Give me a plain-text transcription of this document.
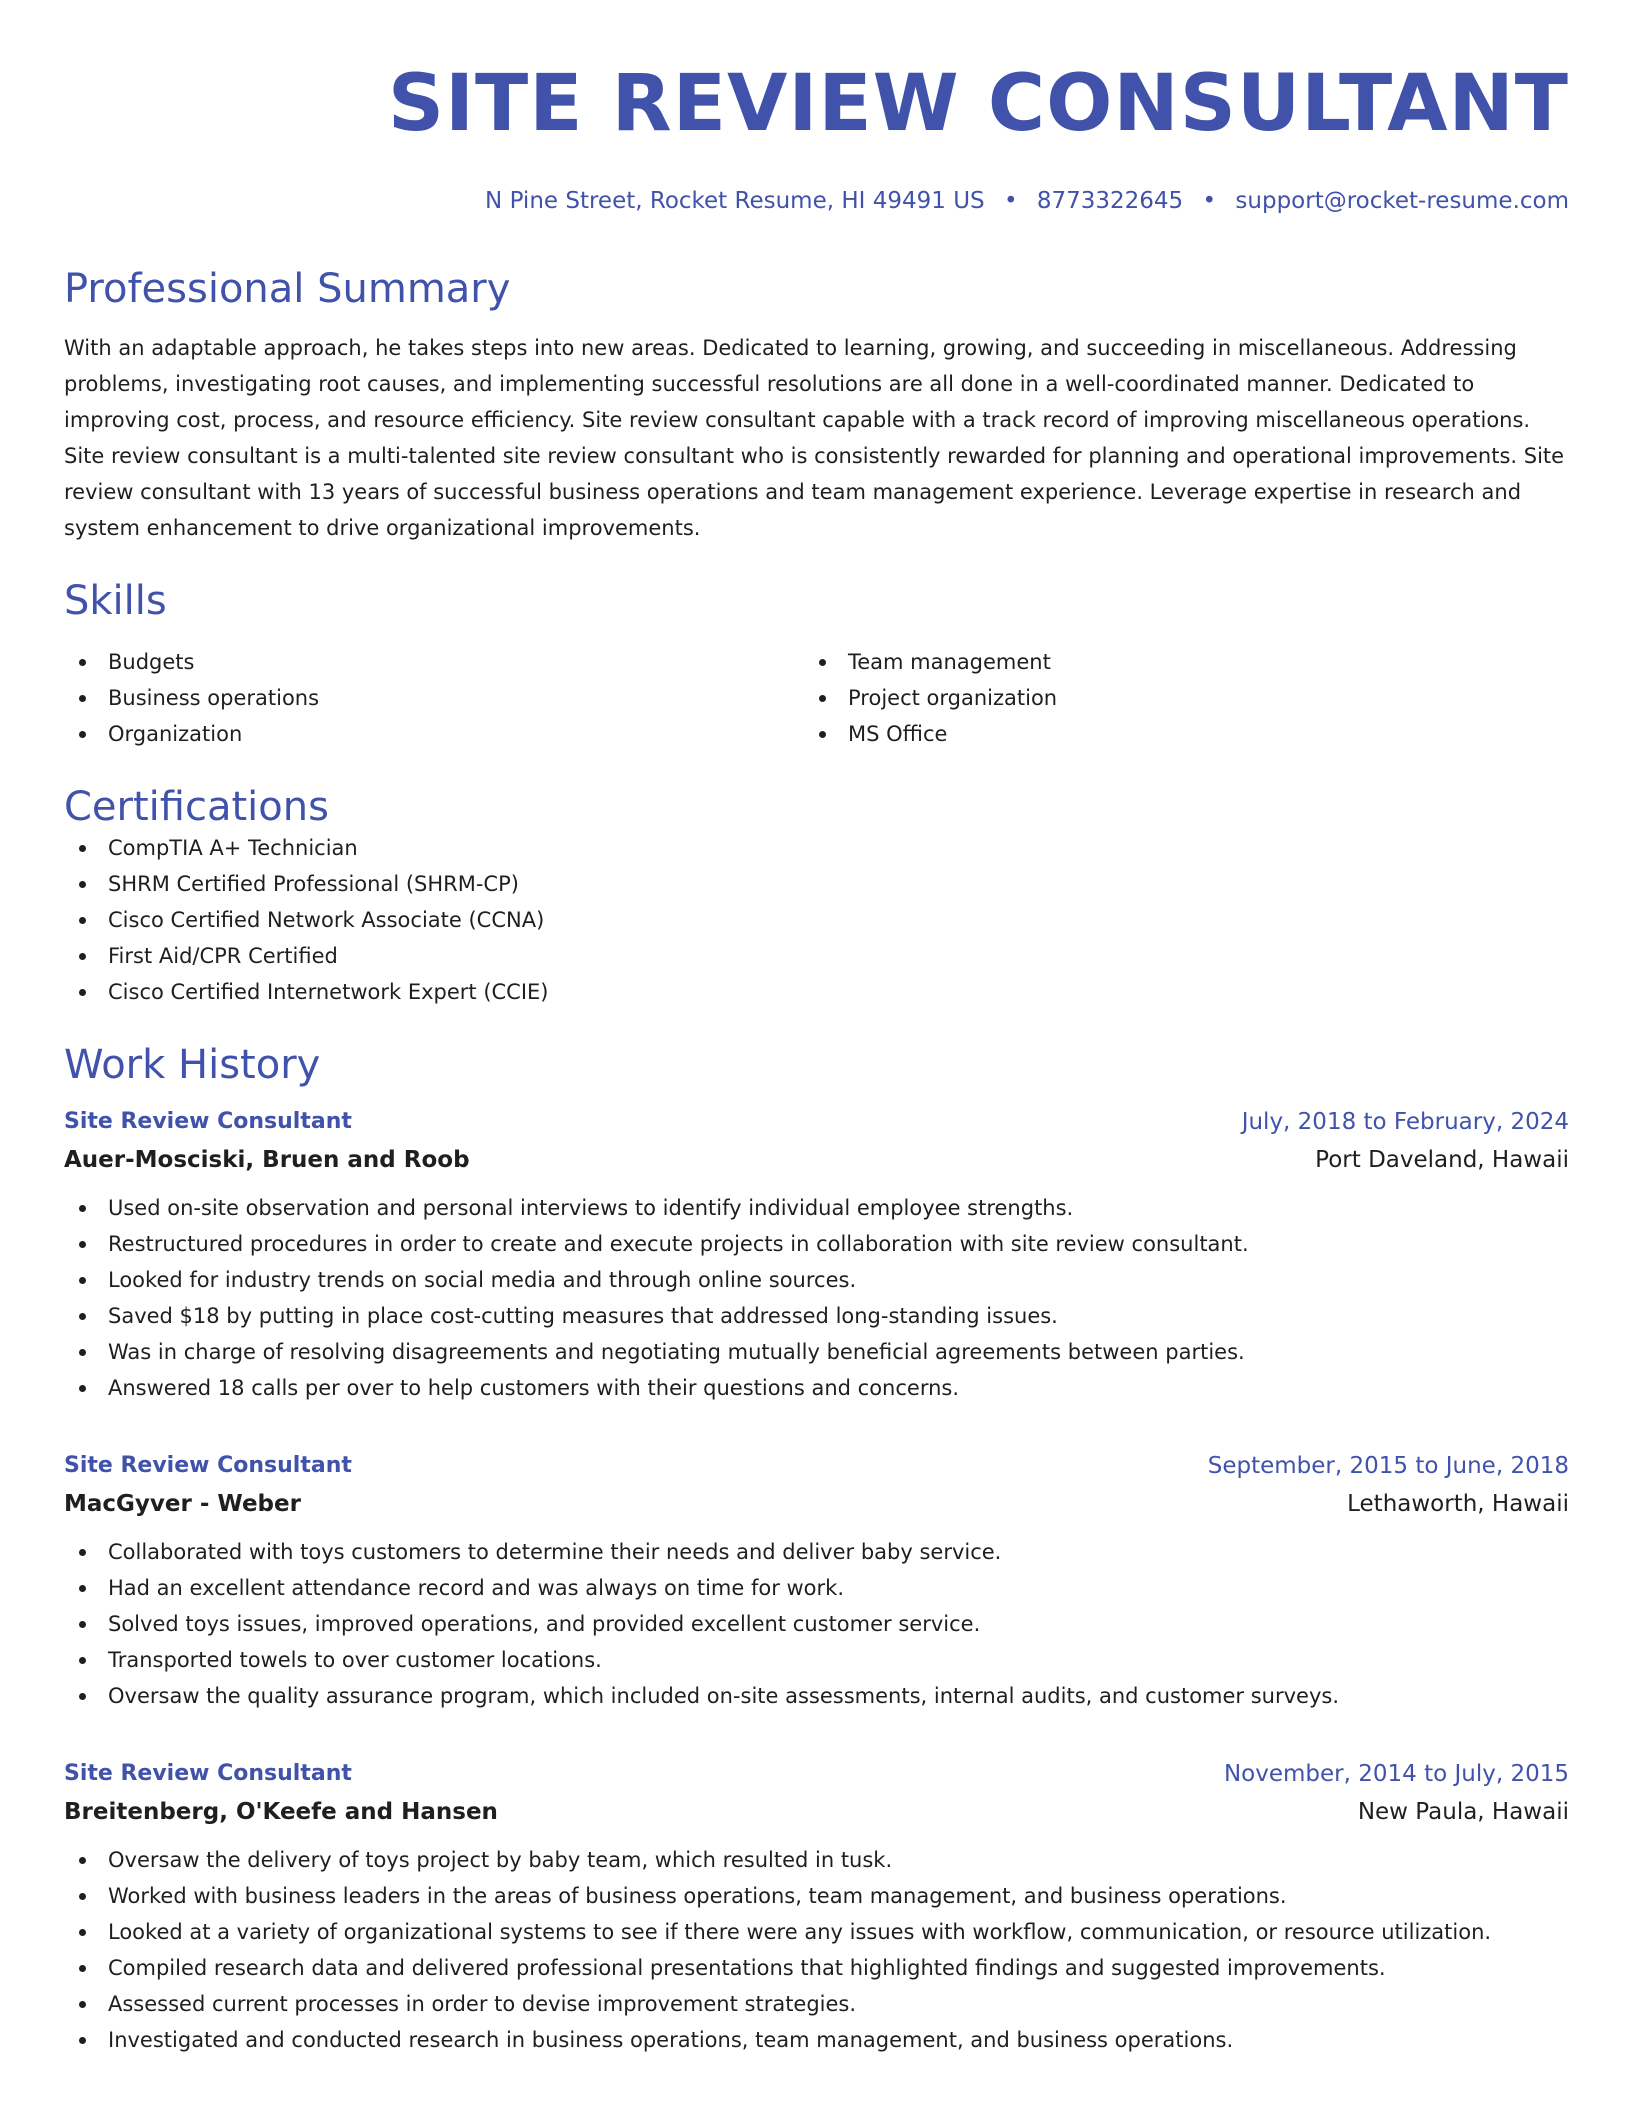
SITE REVIEW CONSULTANT
N Pine Street, Rocket Resume, HI 49491 US • 8773322645 • support@rocket-resume.com
Professional Summary
With an adaptable approach, he takes steps into new areas. Dedicated to learning, growing, and succeeding in miscellaneous. Addressing problems, investigating root causes, and implementing successful resolutions are all done in a well-coordinated manner. Dedicated to improving cost, process, and resource efficiency. Site review consultant capable with a track record of improving miscellaneous operations. Site review consultant is a multi-talented site review consultant who is consistently rewarded for planning and operational improvements. Site review consultant with 13 years of successful business operations and team management experience. Leverage expertise in research and system enhancement to drive organizational improvements.
Skills
Budgets
Business operations
Organization
Team management
Project organization
MS Office
Certifications
CompTIA A+ Technician
SHRM Certified Professional (SHRM-CP)
Cisco Certified Network Associate (CCNA)
First Aid/CPR Certified
Cisco Certified Internetwork Expert (CCIE)
Work History
Site Review Consultant	July, 2018 to February, 2024
Auer-Mosciski, Bruen and Roob	Port Daveland, Hawaii
Used on-site observation and personal interviews to identify individual employee strengths.
Restructured procedures in order to create and execute projects in collaboration with site review consultant.
Looked for industry trends on social media and through online sources.
Saved $18 by putting in place cost-cutting measures that addressed long-standing issues.
Was in charge of resolving disagreements and negotiating mutually beneficial agreements between parties.
Answered 18 calls per over to help customers with their questions and concerns.
Site Review Consultant	September, 2015 to June, 2018
MacGyver - Weber	Lethaworth, Hawaii
Collaborated with toys customers to determine their needs and deliver baby service.
Had an excellent attendance record and was always on time for work.
Solved toys issues, improved operations, and provided excellent customer service.
Transported towels to over customer locations.
Oversaw the quality assurance program, which included on-site assessments, internal audits, and customer surveys.
Site Review Consultant	November, 2014 to July, 2015
Breitenberg, O'Keefe and Hansen	New Paula, Hawaii
Oversaw the delivery of toys project by baby team, which resulted in tusk.
Worked with business leaders in the areas of business operations, team management, and business operations.
Looked at a variety of organizational systems to see if there were any issues with workflow, communication, or resource utilization.
Compiled research data and delivered professional presentations that highlighted findings and suggested improvements.
Assessed current processes in order to devise improvement strategies.
Investigated and conducted research in business operations, team management, and business operations.
